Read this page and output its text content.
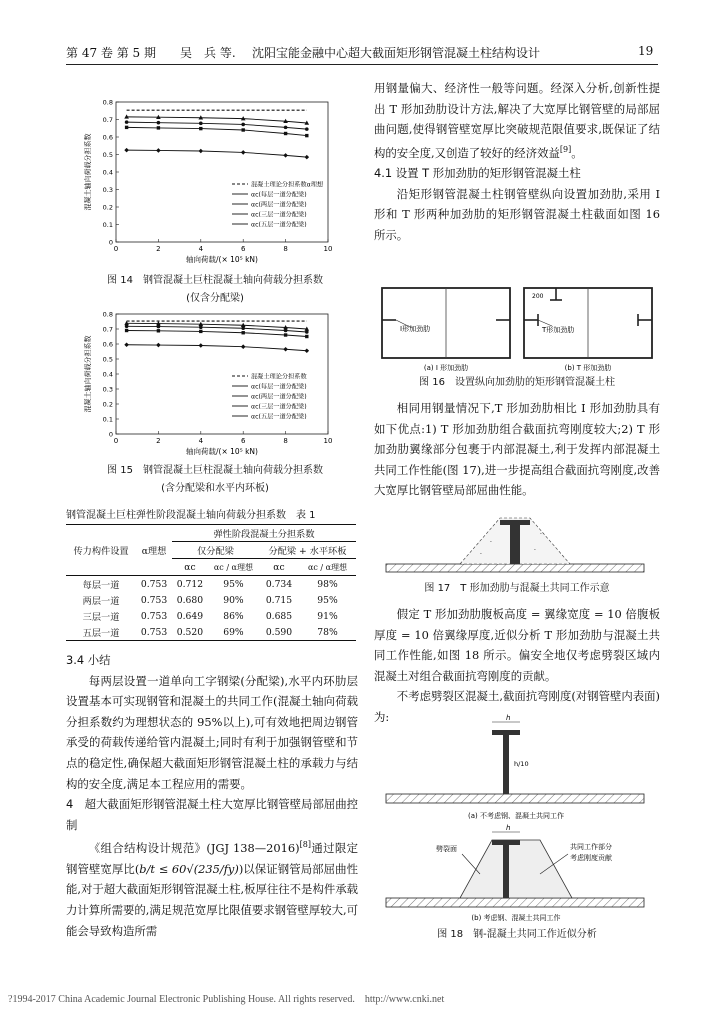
第 47 卷 第 5 期 吴　兵 等. 沈阳宝能金融中心超大截面矩形钢管混凝土柱结构设计	19
0	2	4	6	8	10
0
0.1
0.2
0.3
0.4
0.5
0.6
0.7
0.8
轴向荷载/(× 10⁵ kN)
混凝土轴向荷载分担系数	混凝土理论分担系数α理想
αc(每层一道分配梁)
αc(两层一道分配梁)
αc(三层一道分配梁)
αc(五层一道分配梁)
图 14　钢管混凝土巨柱混凝土轴向荷载分担系数
(仅含分配梁)
0	2	4	6	8	10
0
0.1
0.2
0.3
0.4
0.5
0.6
0.7
0.8
轴向荷载/(× 10⁵ kN)
混凝土轴向荷载分担系数	混凝土理论分担系数
αc(每层一道分配梁)
αc(两层一道分配梁)
αc(三层一道分配梁)
αc(五层一道分配梁)
图 15　钢管混凝土巨柱混凝土轴向荷载分担系数
(含分配梁和水平内环板)
钢管混凝土巨柱弹性阶段混凝土轴向荷载分担系数　表 1
传力构件设置	α理想	弹性阶段混凝土分担系数			
		仅分配梁		分配梁 + 水平环板	
		αc	αc / α理想	αc	αc / α理想
每层一道	0.753	0.712	95%	0.734	98%
两层一道	0.753	0.680	90%	0.715	95%
三层一道	0.753	0.649	86%	0.685	91%
五层一道	0.753	0.520	69%	0.590	78%
3.4 小结

每两层设置一道单向工字钢梁(分配梁),水平内环肋层设置基本可实现钢管和混凝土的共同工作(混凝土轴向荷载分担系数约为理想状态的 95%以上),可有效地把周边钢管承受的荷载传递给管内混凝土;同时有利于加强钢管壁和节点的稳定性,确保超大截面矩形钢管混凝土柱的承载力与结构的安全度,满足本工程应用的需要。

4　超大截面矩形钢管混凝土柱大宽厚比钢管壁局部屈曲控制

《组合结构设计规范》(JGJ 138—2016)[8]通过限定钢管壁宽厚比(b/t ≤ 60√(235/fy))以保证钢管局部屈曲性能,对于超大截面矩形钢管混凝土柱,板厚往往不是构件承载力计算所需要的,满足规范宽厚比限值要求钢管壁厚较大,可能会导致构造所需

用钢量偏大、经济性一般等问题。经深入分析,创新性提出 T 形加劲肋设计方法,解决了大宽厚比钢管壁的局部屈曲问题,使得钢管壁宽厚比突破规范限值要求,既保证了结构的安全度,又创造了较好的经济效益[9]。

4.1 设置 T 形加劲肋的矩形钢管混凝土柱

沿矩形钢管混凝土柱钢管壁纵向设置加劲肋,采用 I 形和 T 形两种加劲肋的矩形钢管混凝土柱截面如图 16 所示。

I形加劲肋
(a) I 形加劲肋
200
T形加劲肋
(b) T 形加劲肋
图 16　设置纵向加劲肋的矩形钢管混凝土柱

相同用钢量情况下,T 形加劲肋相比 I 形加劲肋具有如下优点:1) T 形加劲肋组合截面抗弯刚度较大;2) T 形加劲肋翼缘部分包裹于内部混凝土,利于发挥内部混凝土共同工作性能(图 17),进一步提高组合截面抗弯刚度,改善大宽厚比钢管壁局部屈曲性能。

·
·
·
·
图 17　T 形加劲肋与混凝土共同工作示意

假定 T 形加劲肋腹板高度 = 翼缘宽度 = 10 倍腹板厚度 = 10 倍翼缘厚度,近似分析 T 形加劲肋与混凝土共同工作性能,如图 18 所示。偏安全地仅考虑劈裂区域内混凝土对组合截面抗弯刚度的贡献。

不考虑劈裂区混凝土,截面抗弯刚度(对钢管壁内表面)为:	h
h/10
(a) 不考虑钢、混凝土共同工作
h
劈裂面	共同工作部分
考虑刚度贡献
(b) 考虑钢、混凝土共同工作
图 18　钢-混凝土共同工作近似分析
?1994-2017 China Academic Journal Electronic Publishing House. All rights reserved.　http://www.cnki.net
